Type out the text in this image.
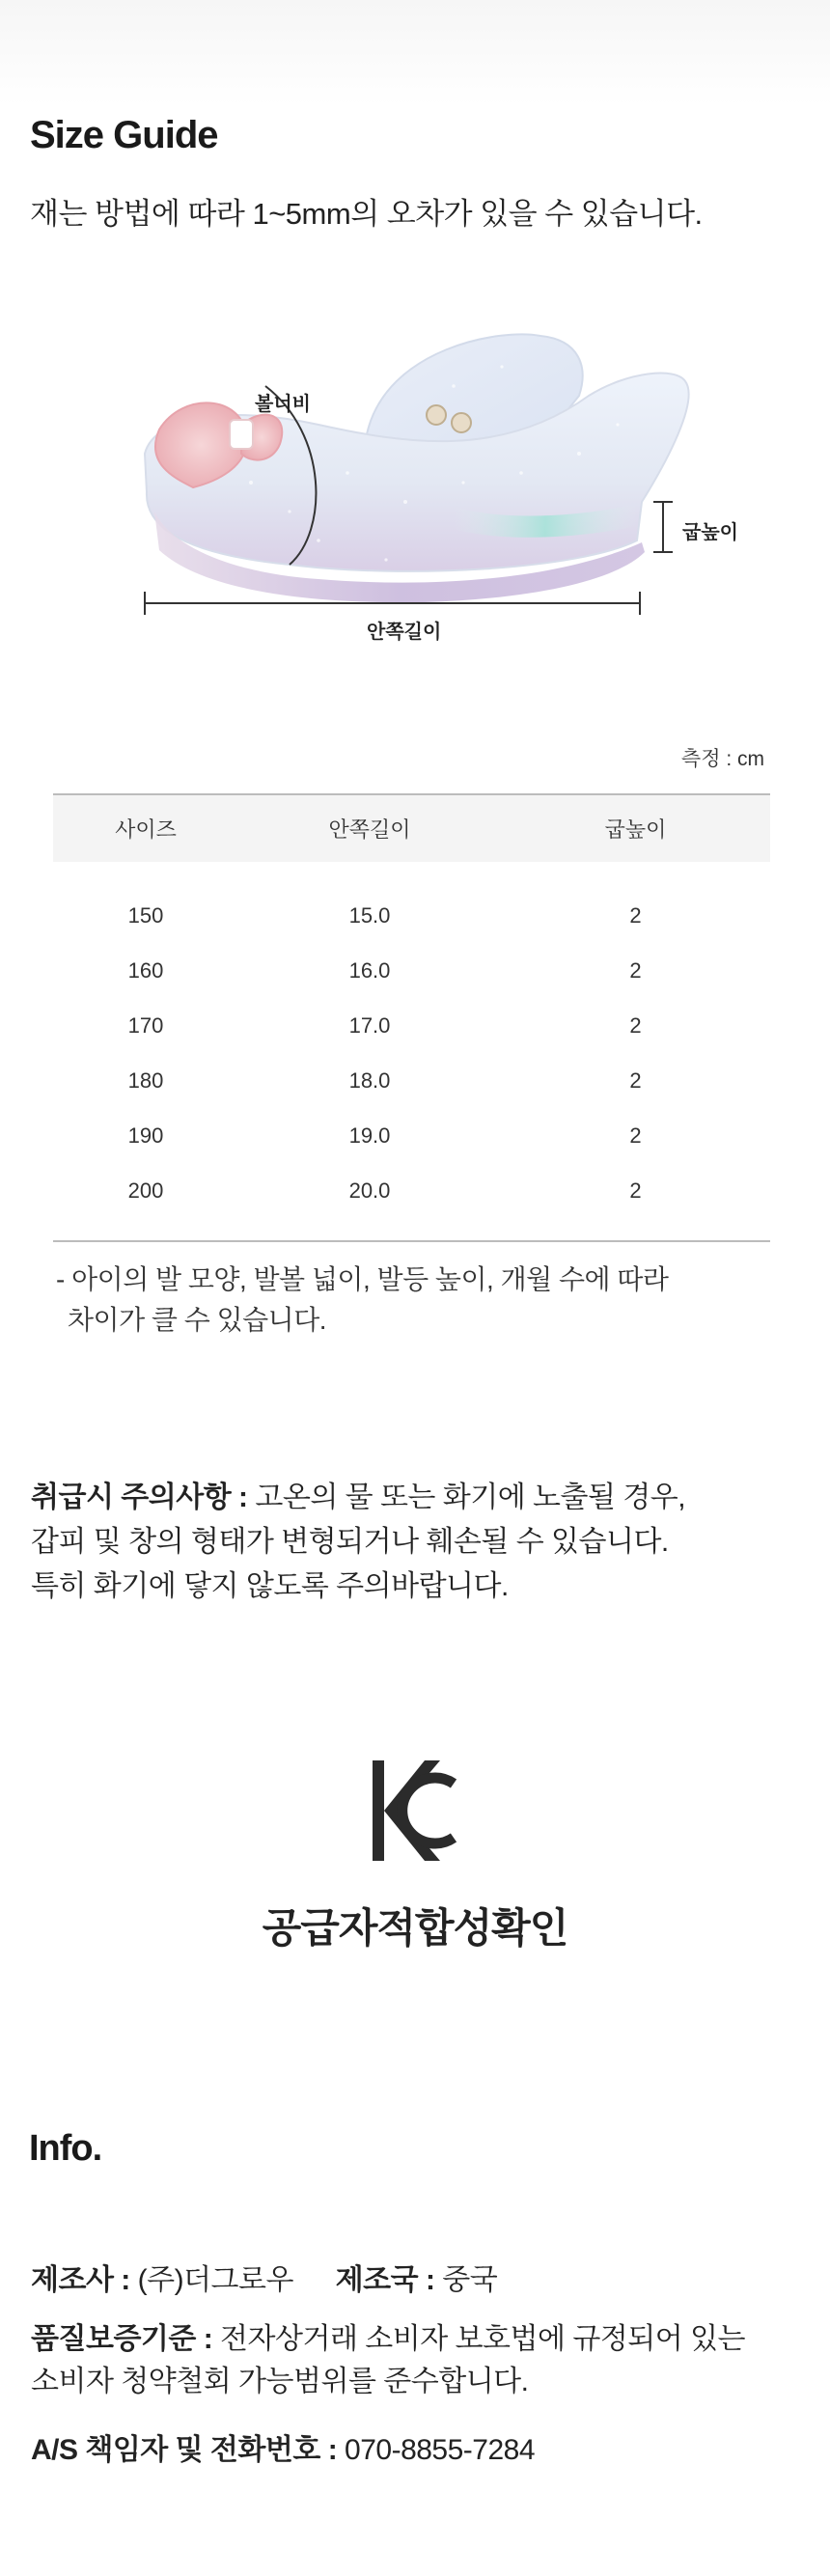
Size Guide
재는 방법에 따라 1~5mm의 오차가 있을 수 있습니다.
볼너비
굽높이
안쪽길이
측정 : cm
사이즈	안쪽길이	굽높이
150	15.0	2
160	16.0	2
170	17.0	2
180	18.0	2
190	19.0	2
200	20.0	2
- 아이의 발 모양, 발볼 넓이, 발등 높이, 개월 수에 따라
차이가 클 수 있습니다.
취급시 주의사항 : 고온의 물 또는 화기에 노출될 경우,
갑피 및 창의 형태가 변형되거나 훼손될 수 있습니다.
특히 화기에 닿지 않도록 주의바랍니다.
공급자적합성확인
Info.
제조사 : (주)더그로우 제조국 : 중국
품질보증기준 : 전자상거래 소비자 보호법에 규정되어 있는
소비자 청약철회 가능범위를 준수합니다.
A/S 책임자 및 전화번호 : 070-8855-7284
